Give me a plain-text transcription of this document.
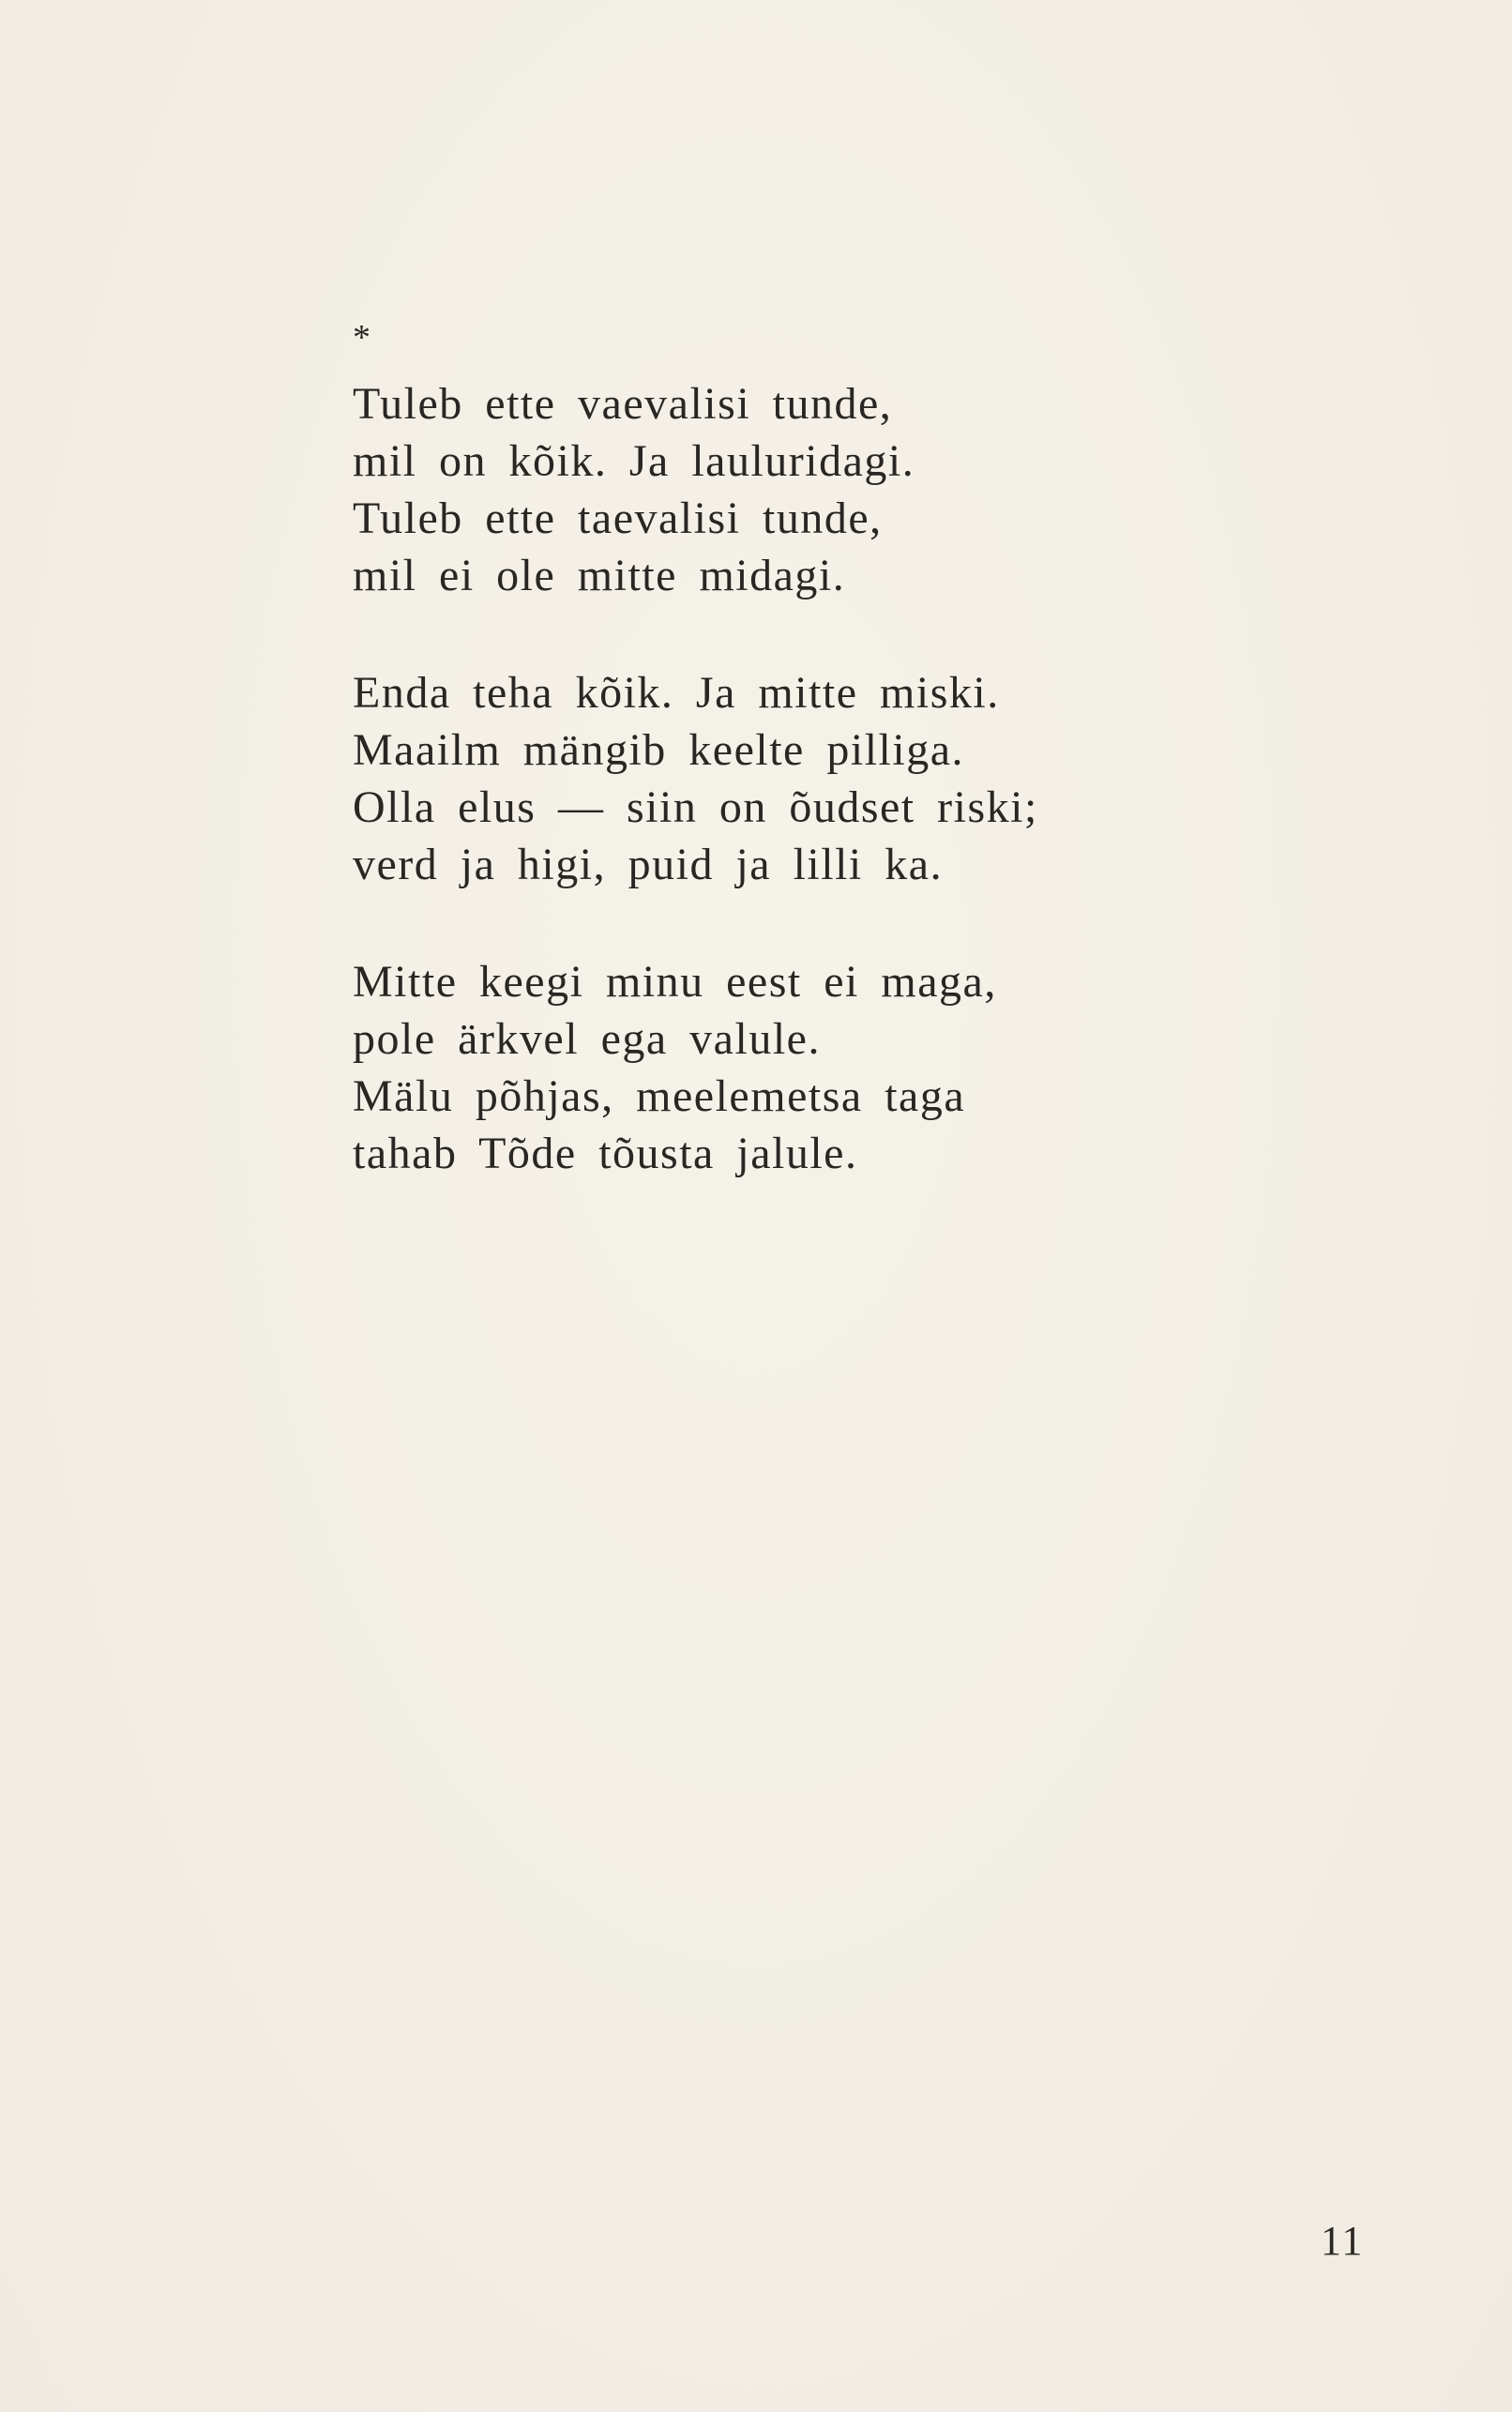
*
Tuleb ette vaevalisi tunde,
mil on kõik. Ja lauluridagi.
Tuleb ette taevalisi tunde,
mil ei ole mitte midagi.
Enda teha kõik. Ja mitte miski.
Maailm mängib keelte pilliga.
Olla elus — siin on õudset riski;
verd ja higi, puid ja lilli ka.
Mitte keegi minu eest ei maga,
pole ärkvel ega valule.
Mälu põhjas, meelemetsa taga
tahab Tõde tõusta jalule.
11
